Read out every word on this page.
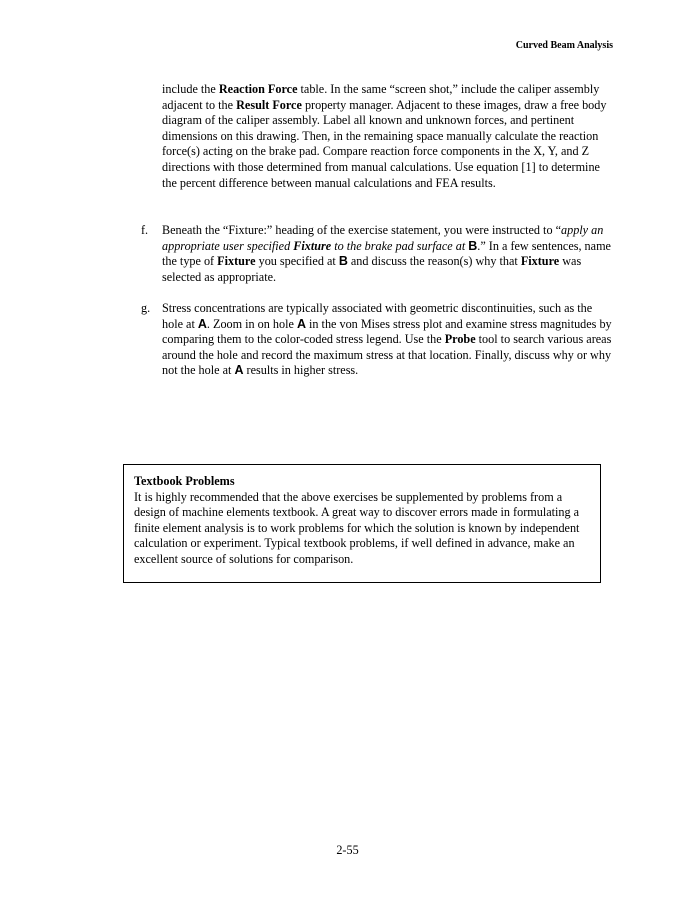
Curved Beam Analysis
include the Reaction Force table. In the same “screen shot,” include the caliper assembly adjacent to the Result Force property manager. Adjacent to these images, draw a free body diagram of the caliper assembly. Label all known and unknown forces, and pertinent dimensions on this drawing. Then, in the remaining space manually calculate the reaction force(s) acting on the brake pad. Compare reaction force components in the X, Y, and Z directions with those determined from manual calculations. Use equation [1] to determine the percent difference between manual calculations and FEA results.
f.	Beneath the “Fixture:” heading of the exercise statement, you were instructed to “apply an appropriate user specified Fixture to the brake pad surface at B.” In a few sentences, name the type of Fixture you specified at B and discuss the reason(s) why that Fixture was selected as appropriate.
g. Stress concentrations are typically associated with geometric discontinuities, such as the hole at A. Zoom in on hole A in the von Mises stress plot and examine stress magnitudes by comparing them to the color-coded stress legend. Use the Probe tool to search various areas around the hole and record the maximum stress at that location. Finally, discuss why or why not the hole at A results in higher stress.
Textbook Problems
It is highly recommended that the above exercises be supplemented by problems from a design of machine elements textbook. A great way to discover errors made in formulating a finite element analysis is to work problems for which the solution is known by independent calculation or experiment. Typical textbook problems, if well defined in advance, make an excellent source of solutions for comparison.
2-55
